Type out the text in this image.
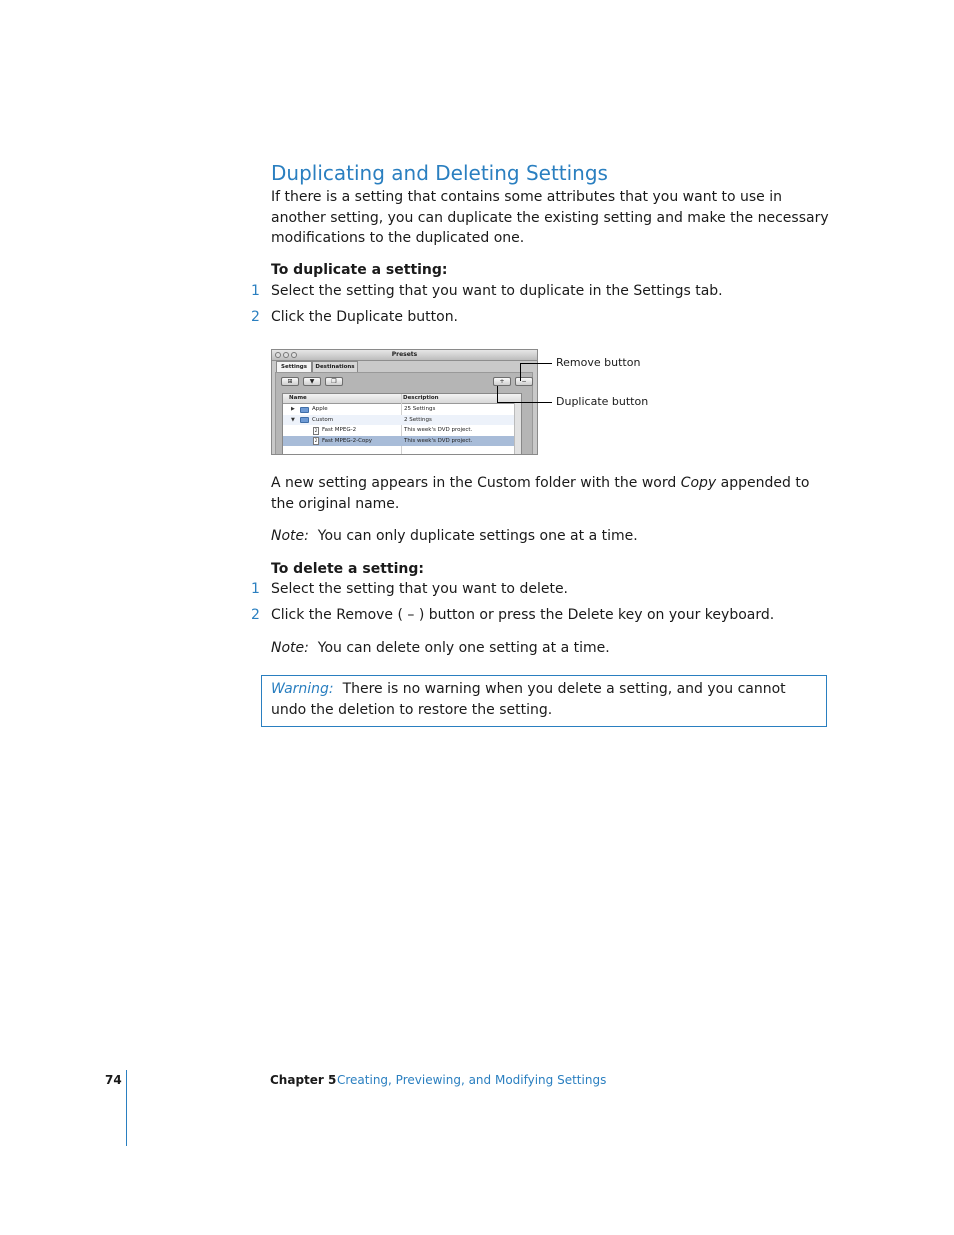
Duplicating and Deleting Settings
If there is a setting that contains some attributes that you want to use in another setting, you can duplicate the existing setting and make the necessary modifications to the duplicated one.
To duplicate a setting:
1 Select the setting that you want to duplicate in the Settings tab.
2 Click the Duplicate button.
Presets
Settings	Destinations
⊞	▼	❐	+	−
Name	Description
▶	Apple	25 Settings
▼	Custom	2 Settings
2 Fast MPEG-2	This week's DVD project.
2 Fast MPEG-2-Copy	This week's DVD project.
Remove button
Duplicate button
A new setting appears in the Custom folder with the word Copy appended to the original name.
Note: You can only duplicate settings one at a time.
To delete a setting:
1 Select the setting that you want to delete.
2 Click the Remove ( – ) button or press the Delete key on your keyboard.
Note: You can delete only one setting at a time.
Warning: There is no warning when you delete a setting, and you cannot undo the deletion to restore the setting.
74	Chapter 5 Creating, Previewing, and Modifying Settings
